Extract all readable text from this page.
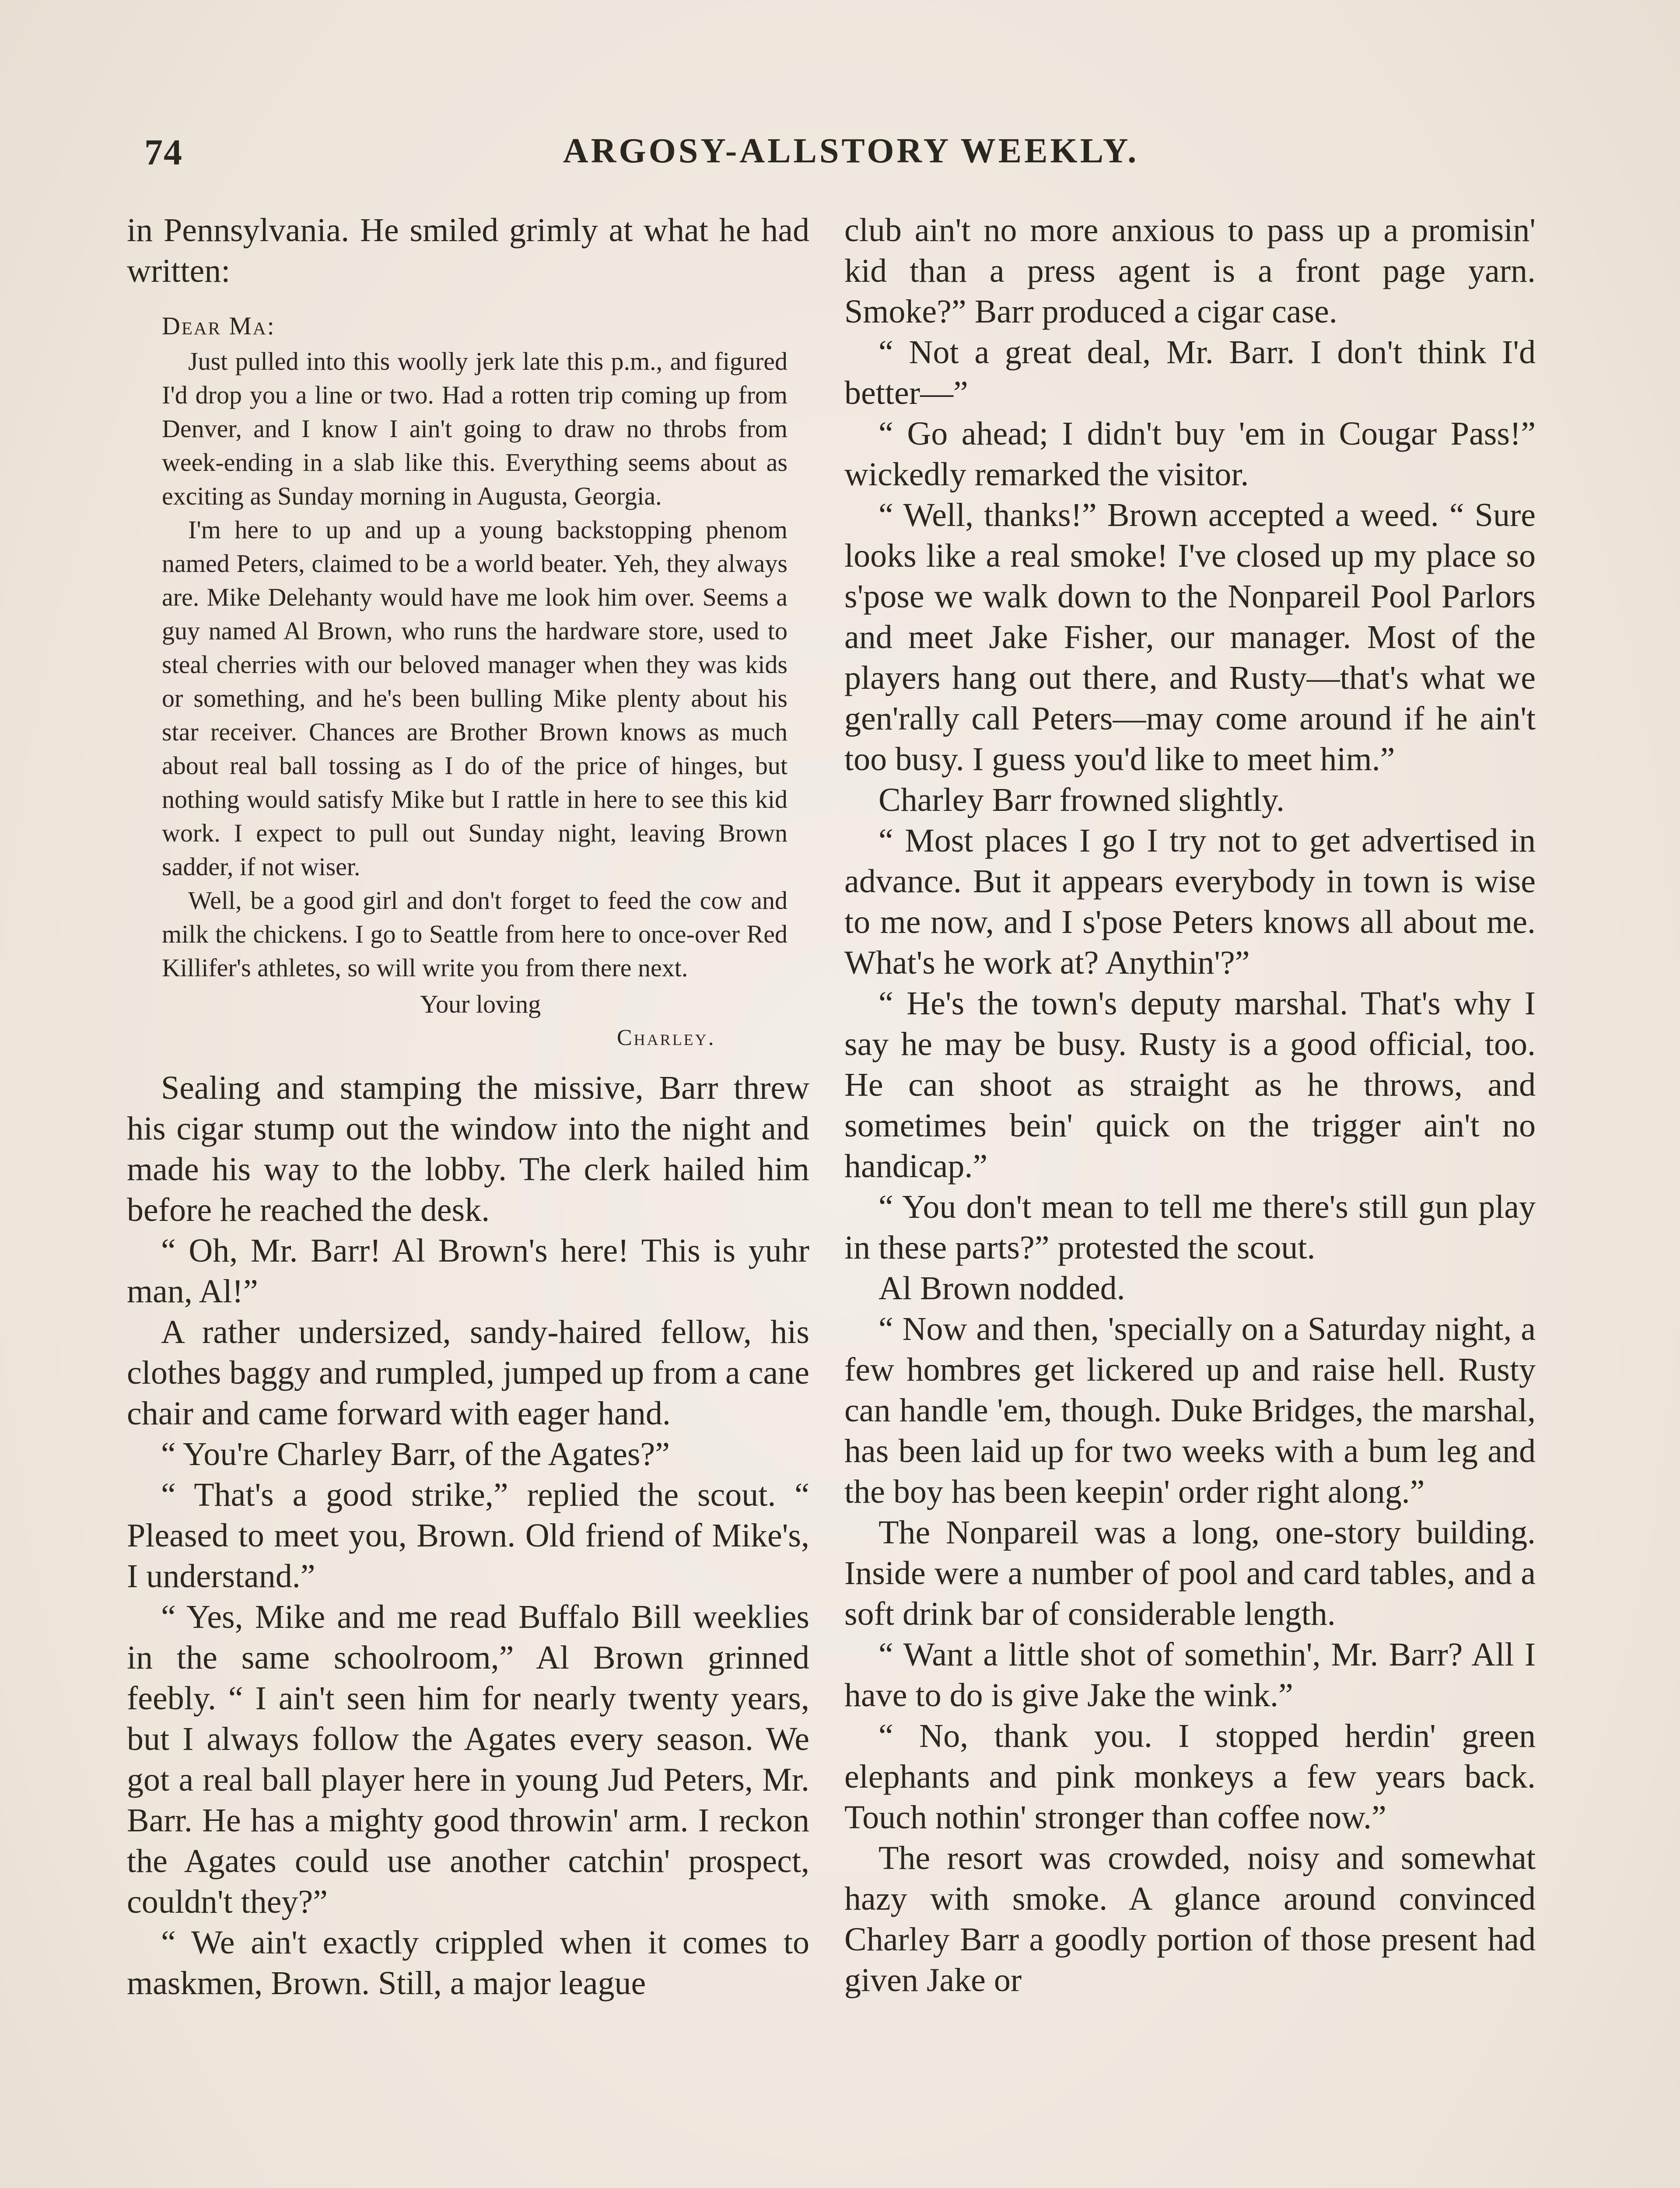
74	ARGOSY-ALLSTORY WEEKLY.

in Pennsylvania. He smiled grimly at what he had written:

Dear Ma:

Just pulled into this woolly jerk late this p.m., and figured I'd drop you a line or two. Had a rotten trip coming up from Denver, and I know I ain't going to draw no throbs from week-ending in a slab like this. Everything seems about as exciting as Sunday morning in Augusta, Georgia.

I'm here to up and up a young backstopping phenom named Peters, claimed to be a world beater. Yeh, they always are. Mike Delehanty would have me look him over. Seems a guy named Al Brown, who runs the hardware store, used to steal cherries with our beloved manager when they was kids or something, and he's been bulling Mike plenty about his star receiver. Chances are Brother Brown knows as much about real ball tossing as I do of the price of hinges, but nothing would satisfy Mike but I rattle in here to see this kid work. I expect to pull out Sunday night, leaving Brown sadder, if not wiser.

Well, be a good girl and don't forget to feed the cow and milk the chickens. I go to Seattle from here to once-over Red Killifer's athletes, so will write you from there next.

Your loving

Charley.

Sealing and stamping the missive, Barr threw his cigar stump out the window into the night and made his way to the lobby. The clerk hailed him before he reached the desk.

“ Oh, Mr. Barr! Al Brown's here! This is yuhr man, Al!”

A rather undersized, sandy-haired fellow, his clothes baggy and rumpled, jumped up from a cane chair and came forward with eager hand.

“ You're Charley Barr, of the Agates?”

“ That's a good strike,” replied the scout. “ Pleased to meet you, Brown. Old friend of Mike's, I understand.”

“ Yes, Mike and me read Buffalo Bill weeklies in the same schoolroom,” Al Brown grinned feebly. “ I ain't seen him for nearly twenty years, but I always follow the Agates every season. We got a real ball player here in young Jud Peters, Mr. Barr. He has a mighty good throwin' arm. I reckon the Agates could use another catchin' prospect, couldn't they?”

“ We ain't exactly crippled when it comes to maskmen, Brown. Still, a major league

club ain't no more anxious to pass up a promisin' kid than a press agent is a front page yarn. Smoke?” Barr produced a cigar case.

“ Not a great deal, Mr. Barr. I don't think I'd better—”

“ Go ahead; I didn't buy 'em in Cougar Pass!” wickedly remarked the visitor.

“ Well, thanks!” Brown accepted a weed. “ Sure looks like a real smoke! I've closed up my place so s'pose we walk down to the Nonpareil Pool Parlors and meet Jake Fisher, our manager. Most of the players hang out there, and Rusty—that's what we gen'rally call Peters—may come around if he ain't too busy. I guess you'd like to meet him.”

Charley Barr frowned slightly.

“ Most places I go I try not to get advertised in advance. But it appears everybody in town is wise to me now, and I s'pose Peters knows all about me. What's he work at? Anythin'?”

“ He's the town's deputy marshal. That's why I say he may be busy. Rusty is a good official, too. He can shoot as straight as he throws, and sometimes bein' quick on the trigger ain't no handicap.”

“ You don't mean to tell me there's still gun play in these parts?” protested the scout.

Al Brown nodded.

“ Now and then, 'specially on a Saturday night, a few hombres get lickered up and raise hell. Rusty can handle 'em, though. Duke Bridges, the marshal, has been laid up for two weeks with a bum leg and the boy has been keepin' order right along.”

The Nonpareil was a long, one-story building. Inside were a number of pool and card tables, and a soft drink bar of considerable length.

“ Want a little shot of somethin', Mr. Barr? All I have to do is give Jake the wink.”

“ No, thank you. I stopped herdin' green elephants and pink monkeys a few years back. Touch nothin' stronger than coffee now.”

The resort was crowded, noisy and somewhat hazy with smoke. A glance around convinced Charley Barr a goodly portion of those present had given Jake or
